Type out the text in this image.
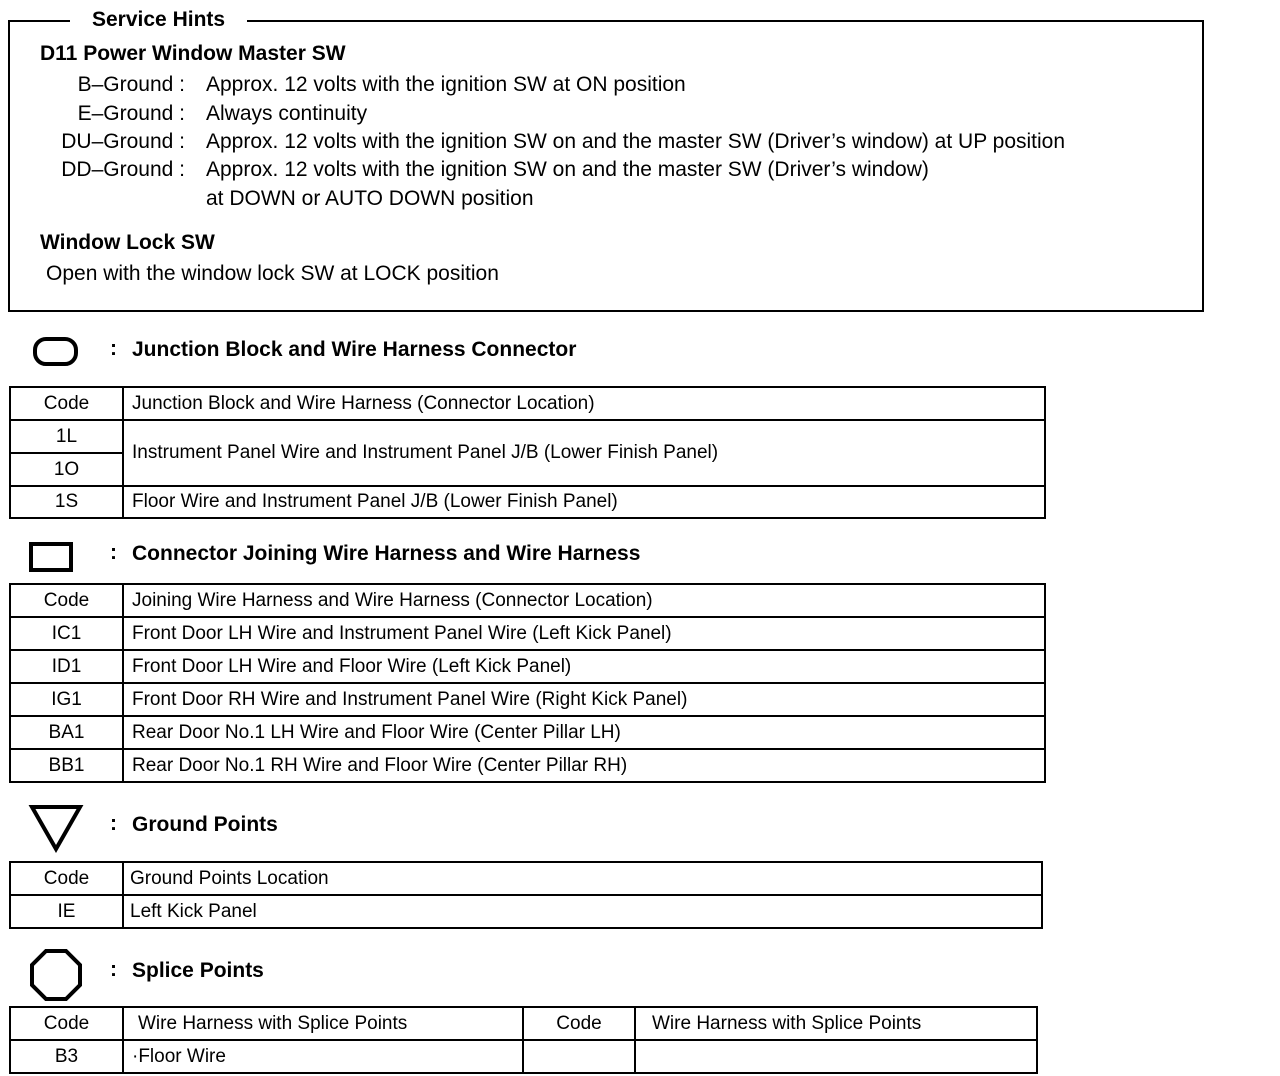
Service Hints
D11 Power Window Master SW
B–Ground : Approx. 12 volts with the ignition SW at ON position
E–Ground : Always continuity
DU–Ground : Approx. 12 volts with the ignition SW on and the master SW (Driver’s window) at UP position
DD–Ground : Approx. 12 volts with the ignition SW on and the master SW (Driver’s window)
at DOWN or AUTO DOWN position
Window Lock SW
Open with the window lock SW at LOCK position
: Junction Block and Wire Harness Connector
Code	Junction Block and Wire Harness (Connector Location)
1L	Instrument Panel Wire and Instrument Panel J/B (Lower Finish Panel)
1O	
1S	Floor Wire and Instrument Panel J/B (Lower Finish Panel)
: Connector Joining Wire Harness and Wire Harness
Code	Joining Wire Harness and Wire Harness (Connector Location)
IC1	Front Door LH Wire and Instrument Panel Wire (Left Kick Panel)
ID1	Front Door LH Wire and Floor Wire (Left Kick Panel)
IG1	Front Door RH Wire and Instrument Panel Wire (Right Kick Panel)
BA1	Rear Door No.1 LH Wire and Floor Wire (Center Pillar LH)
BB1	Rear Door No.1 RH Wire and Floor Wire (Center Pillar RH)
: Ground Points
Code	Ground Points Location
IE	Left Kick Panel
: Splice Points
Code	Wire Harness with Splice Points	Code	Wire Harness with Splice Points
B3	·Floor Wire		
